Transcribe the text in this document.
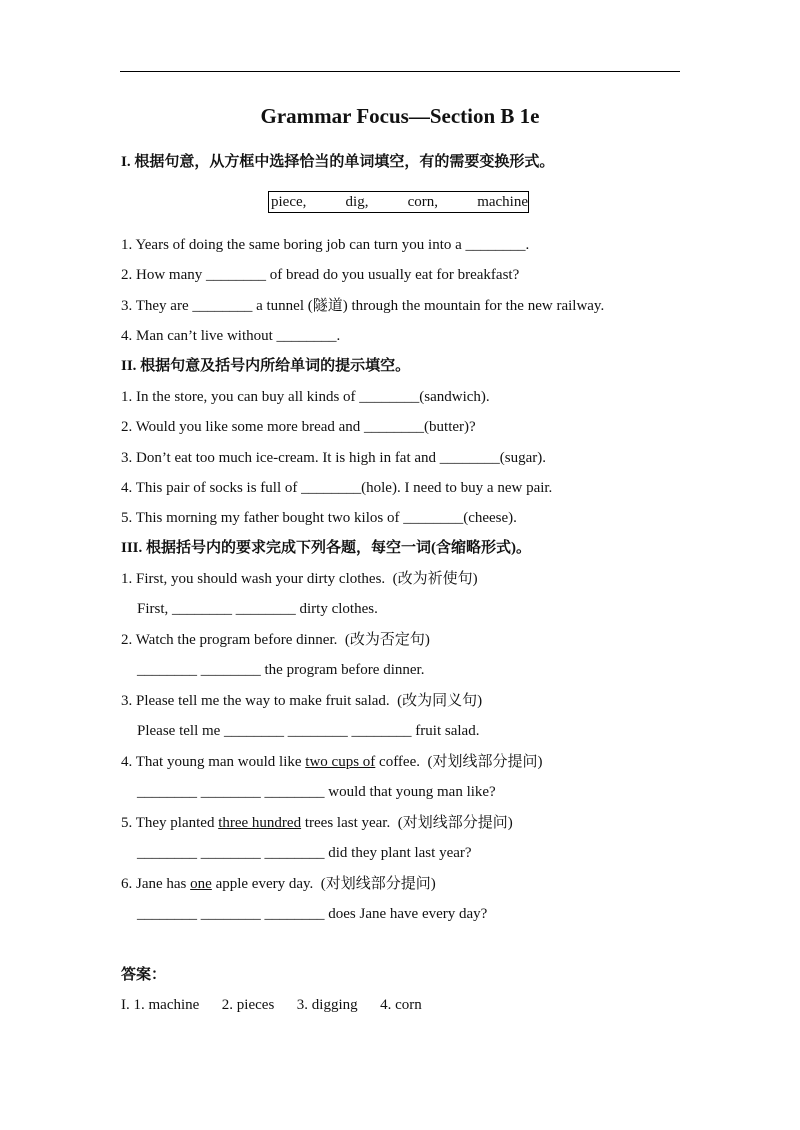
Grammar Focus—Section B 1e
I. 根据句意，从方框中选择恰当的单词填空，有的需要变换形式。
piece,	dig,	corn,	machine
1. Years of doing the same boring job can turn you into a ________.
2. How many ________ of bread do you usually eat for breakfast?
3. They are ________ a tunnel (隧道) through the mountain for the new railway.
4. Man can’t live without ________.
II. 根据句意及括号内所给单词的提示填空。
1. In the store, you can buy all kinds of ________(sandwich).
2. Would you like some more bread and ________(butter)?
3. Don’t eat too much ice-cream. It is high in fat and ________(sugar).
4. This pair of socks is full of ________(hole). I need to buy a new pair.
5. This morning my father bought two kilos of ________(cheese).
III. 根据括号内的要求完成下列各题，每空一词(含缩略形式)。
1. First, you should wash your dirty clothes.  (改为祈使句)
First, ________ ________ dirty clothes.
2. Watch the program before dinner.  (改为否定句)
________ ________ the program before dinner.
3. Please tell me the way to make fruit salad.  (改为同义句)
Please tell me ________ ________ ________ fruit salad.
4. That young man would like two cups of coffee.  (对划线部分提问)
________ ________ ________ would that young man like?
5. They planted three hundred trees last year.  (对划线部分提问)
________ ________ ________ did they plant last year?
6. Jane has one apple every day.  (对划线部分提问)
________ ________ ________ does Jane have every day?
答案：
I. 1. machine      2. pieces      3. digging      4. corn
